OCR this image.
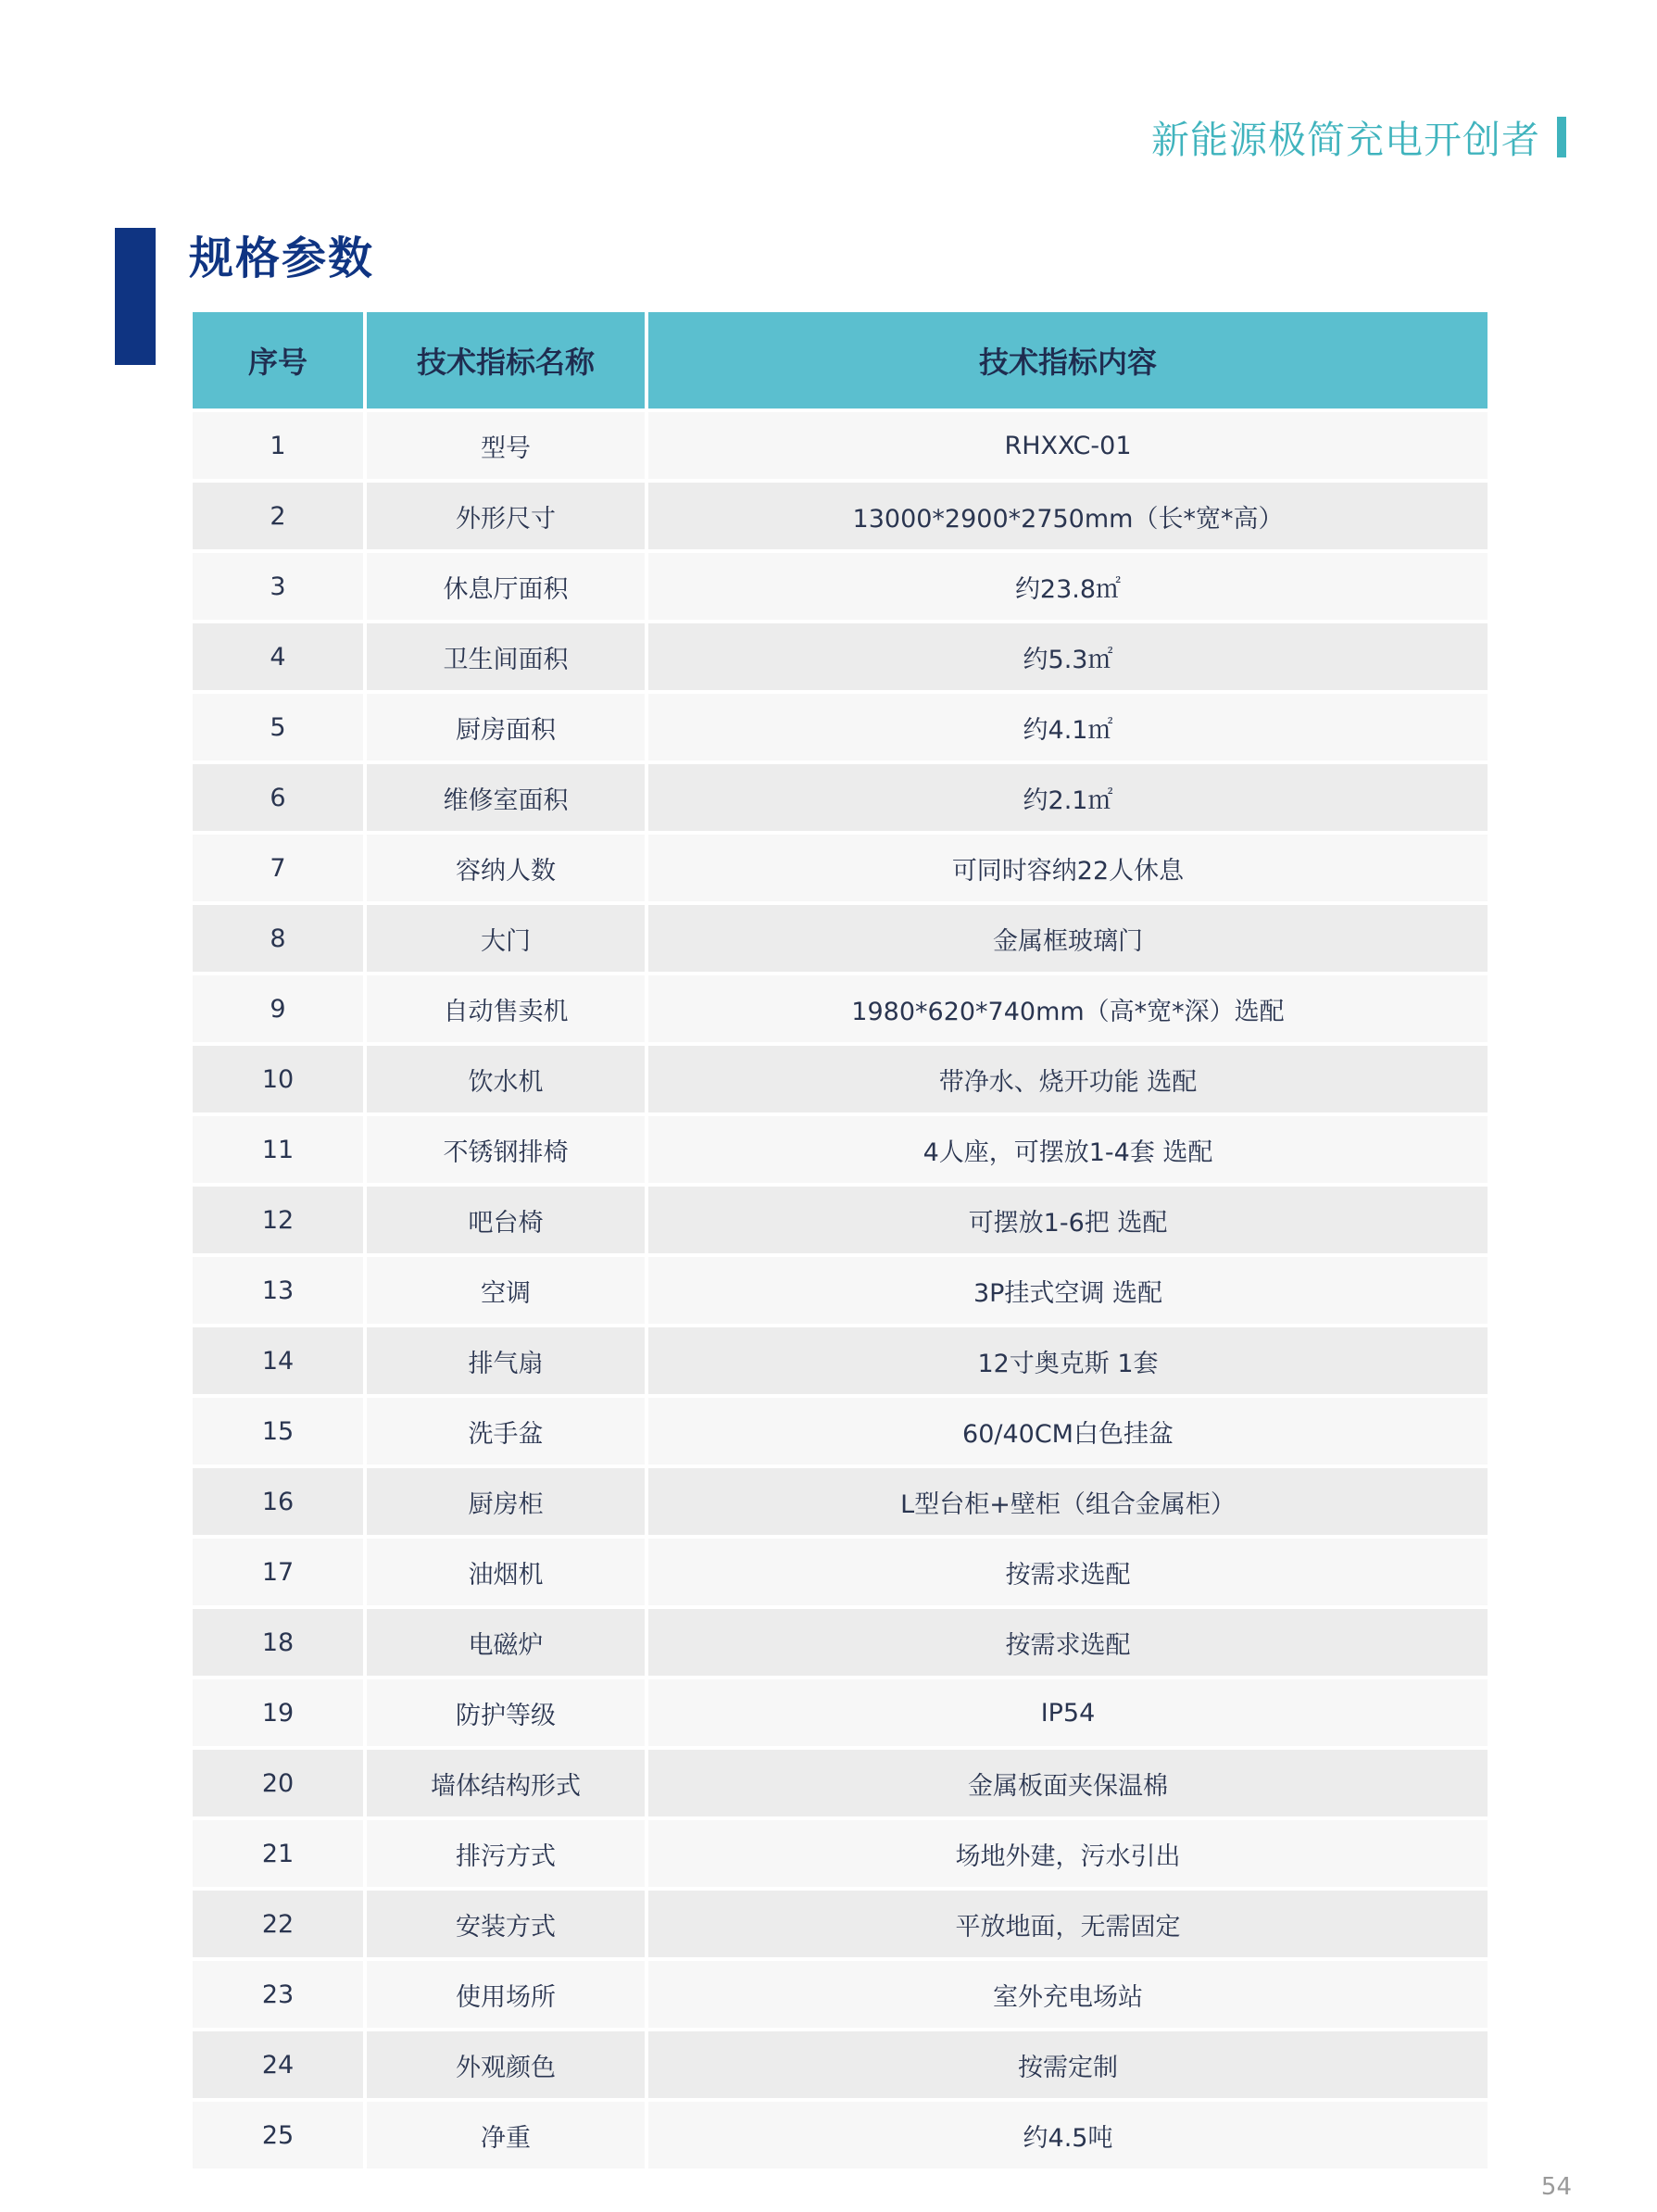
新能源极简充电开创者
规格参数
序号	技术指标名称	技术指标内容
1	型号	RHXXC-01
2	外形尺寸	13000*2900*2750mm（长*宽*高）
3	休息厅面积	约23.8㎡
4	卫生间面积	约5.3㎡
5	厨房面积	约4.1㎡
6	维修室面积	约2.1㎡
7	容纳人数	可同时容纳22人休息
8	大门	金属框玻璃门
9	自动售卖机	1980*620*740mm（高*宽*深）选配
10	饮水机	带净水、烧开功能 选配
11	不锈钢排椅	4人座，可摆放1-4套 选配
12	吧台椅	可摆放1-6把 选配
13	空调	3P挂式空调 选配
14	排气扇	12寸奥克斯 1套
15	洗手盆	60/40CM白色挂盆
16	厨房柜	L型台柜+壁柜（组合金属柜）
17	油烟机	按需求选配
18	电磁炉	按需求选配
19	防护等级	IP54
20	墙体结构形式	金属板面夹保温棉
21	排污方式	场地外建，污水引出
22	安装方式	平放地面，无需固定
23	使用场所	室外充电场站
24	外观颜色	按需定制
25	净重	约4.5吨
54
